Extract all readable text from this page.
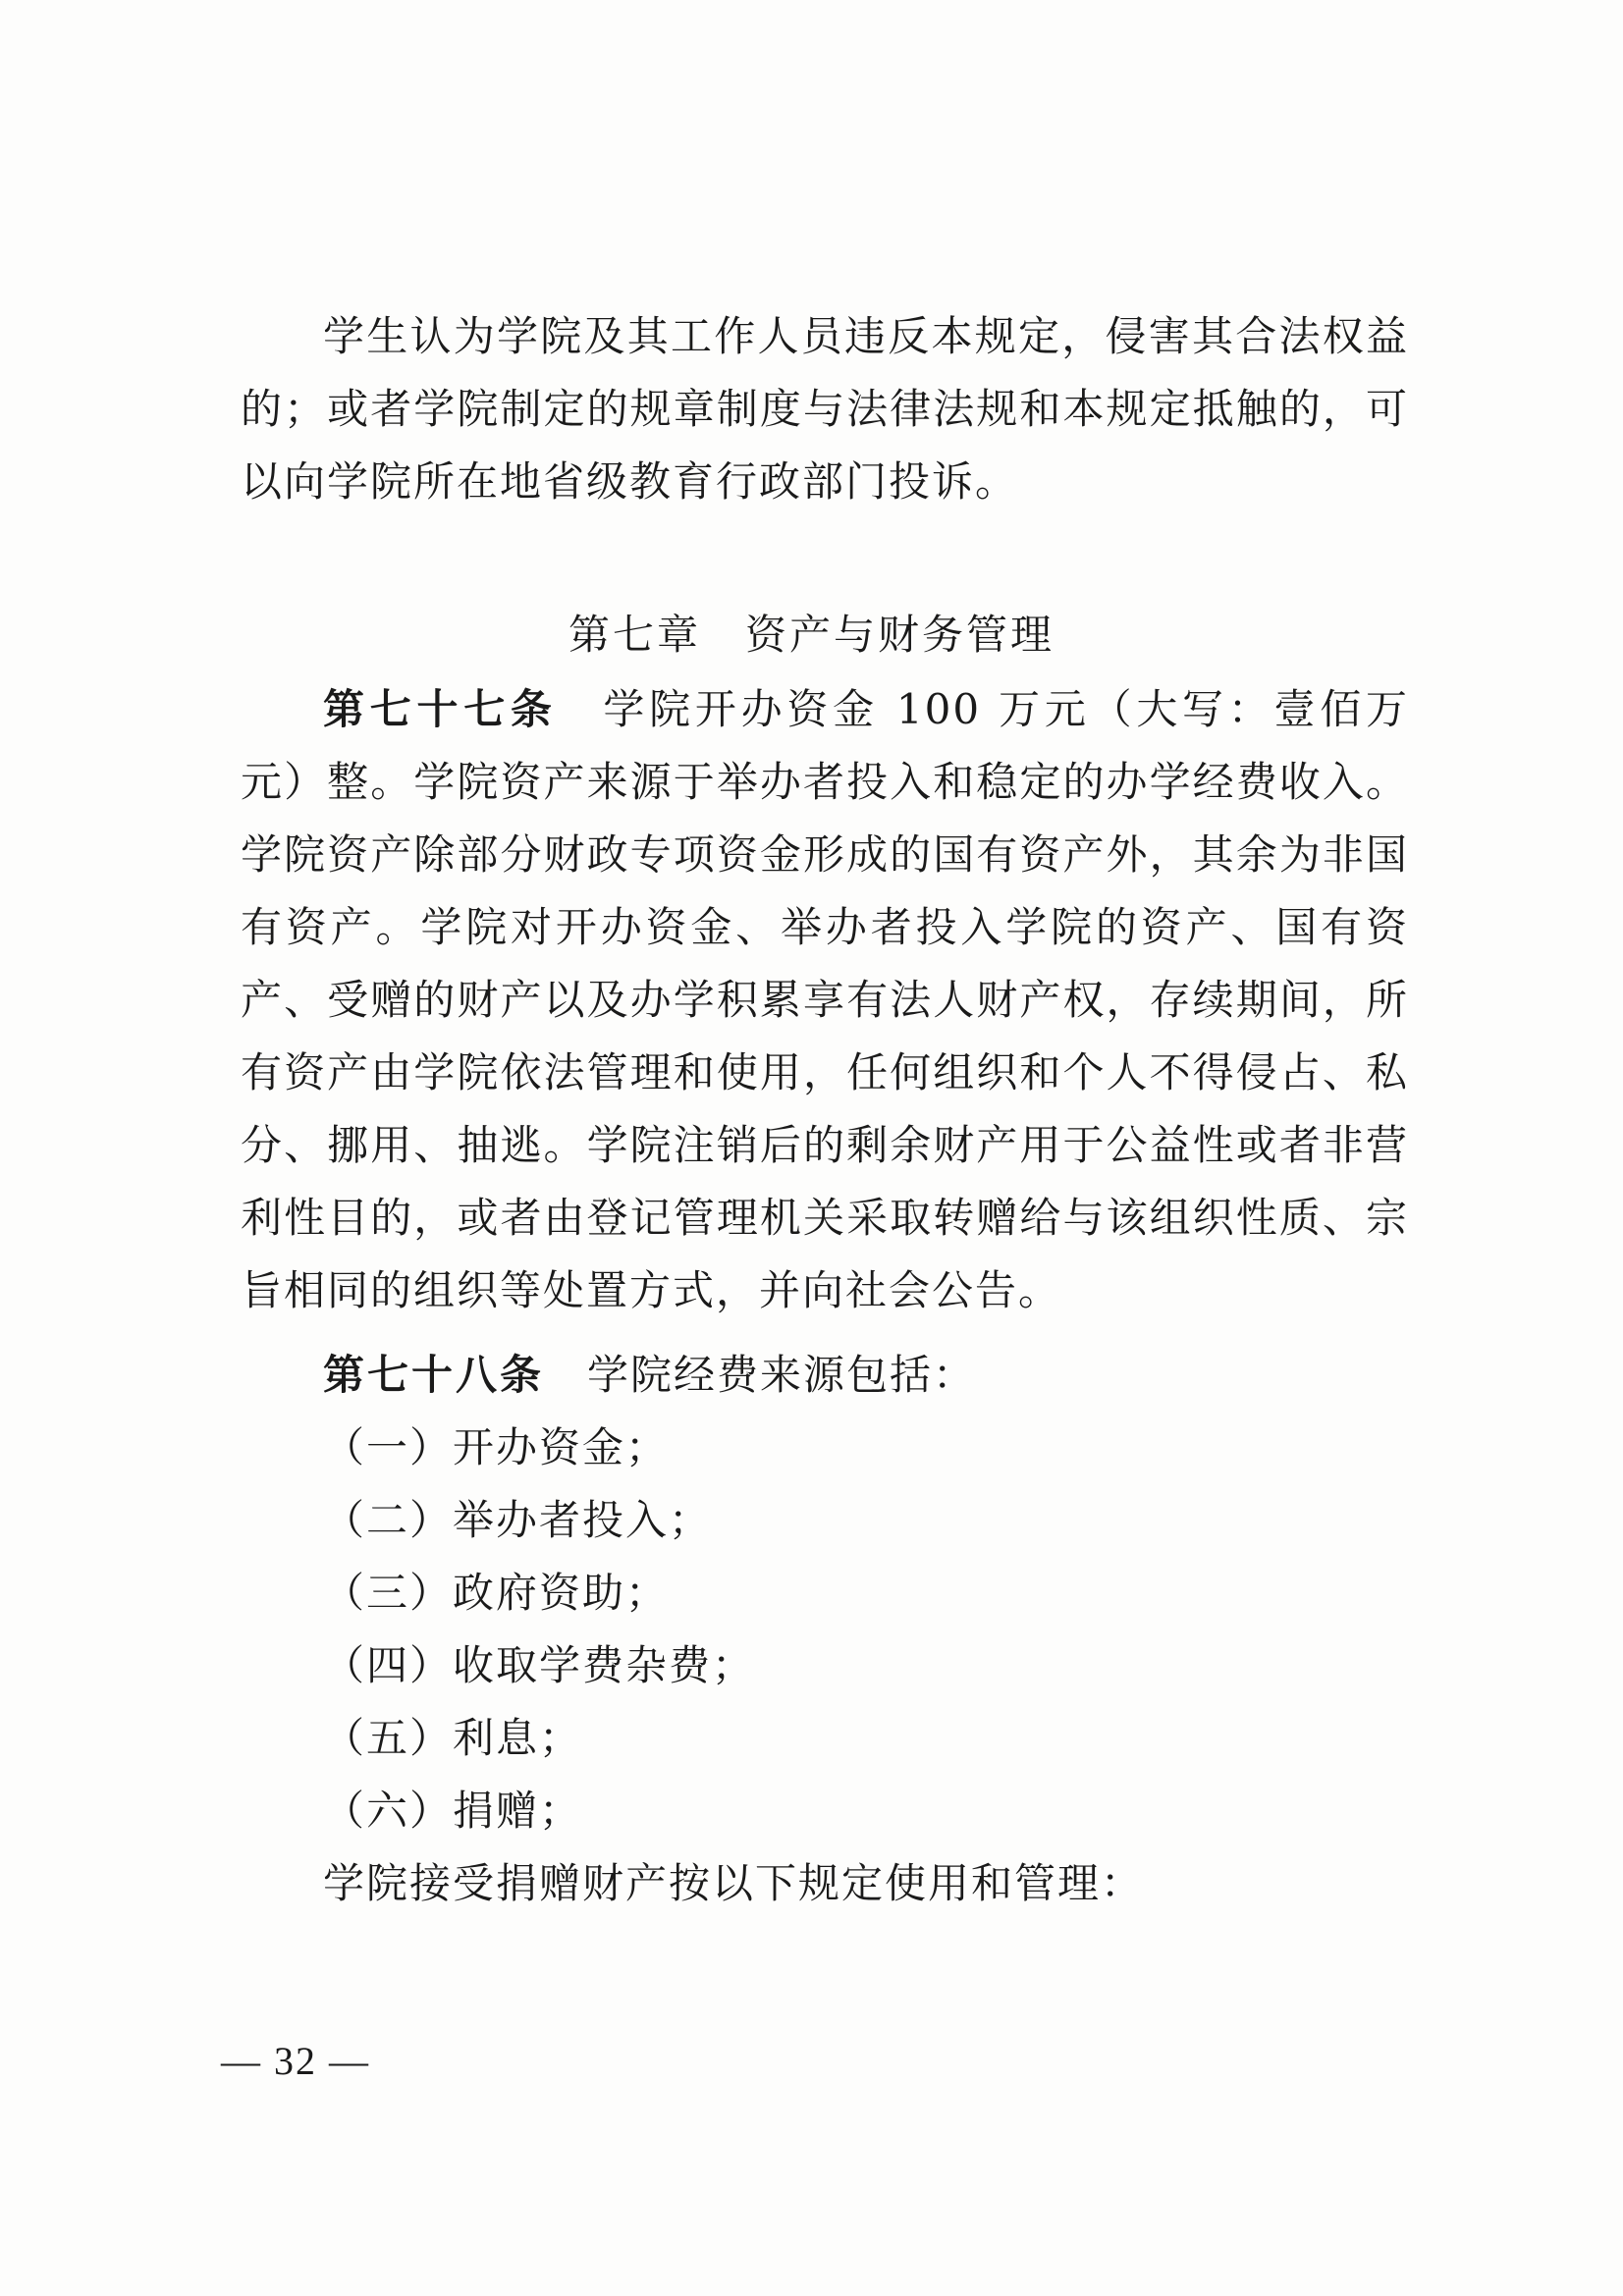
学生认为学院及其工作人员违反本规定，侵害其合法权益的；或者学院制定的规章制度与法律法规和本规定抵触的，可以向学院所在地省级教育行政部门投诉。

第七章　资产与财务管理

第七十七条　 学院开办资金 100 万元（大写：壹佰万元）整。学院资产来源于举办者投入和稳定的办学经费收入。学院资产除部分财政专项资金形成的国有资产外，其余为非国有资产。学院对开办资金、举办者投入学院的资产、国有资产、受赠的财产以及办学积累享有法人财产权，存续期间，所有资产由学院依法管理和使用，任何组织和个人不得侵占、私分、挪用、抽逃。学院注销后的剩余财产用于公益性或者非营利性目的，或者由登记管理机关采取转赠给与该组织性质、宗旨相同的组织等处置方式，并向社会公告。

第七十八条　 学院经费来源包括：

（一）开办资金；

（二）举办者投入；

（三）政府资助；

（四）收取学费杂费；

（五）利息；

（六）捐赠；

学院接受捐赠财产按以下规定使用和管理：

— 32 —
